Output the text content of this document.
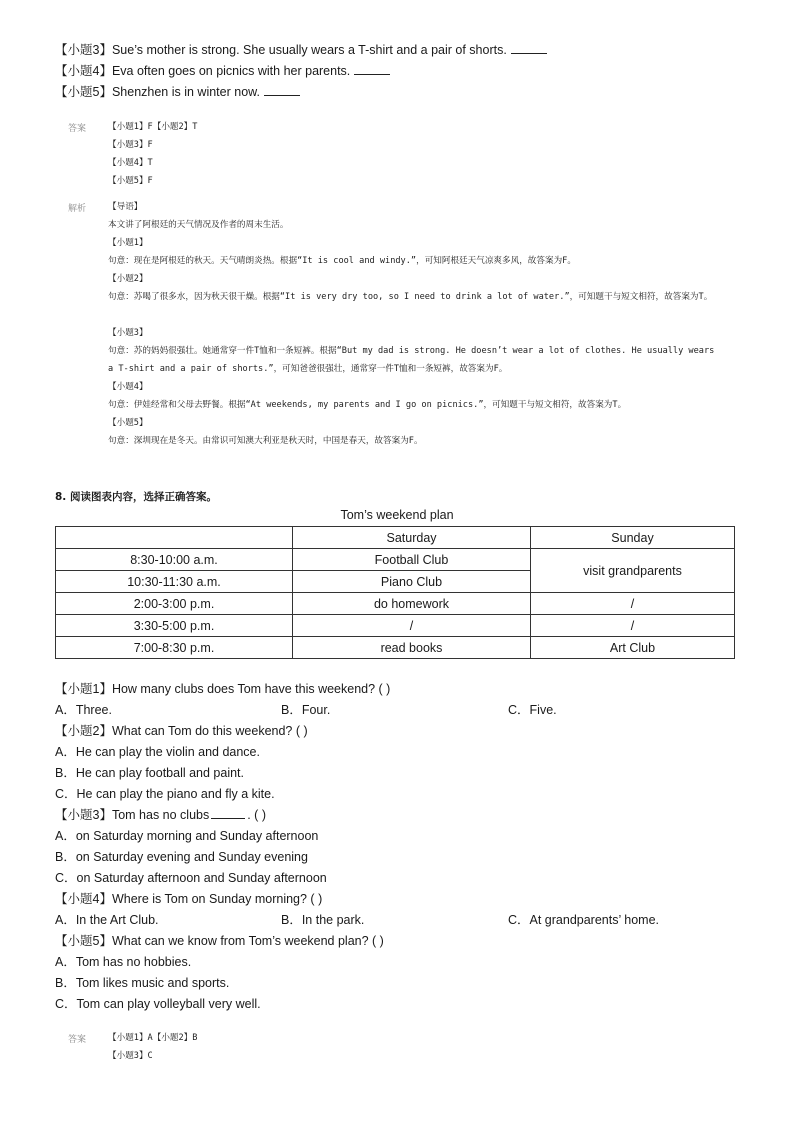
【小题3】Sue’s mother is strong. She usually wears a T-shirt and a pair of shorts.
【小题4】Eva often goes on picnics with her parents.
【小题5】Shenzhen is in winter now.
答案	【小题1】F【小题2】T
【小题3】F
【小题4】T
【小题5】F
解析	【导语】
本文讲了阿根廷的天气情况及作者的周末生活。
【小题1】
句意：现在是阿根廷的秋天。天气晴朗炎热。根据“It is cool and windy.”，可知阿根廷天气凉爽多风，故答案为F。
【小题2】
句意：苏喝了很多水，因为秋天很干燥。根据“It is very dry too, so I need to drink a lot of water.”，可知题干与短文相符，故答案为T。
【小题3】
句意：苏的妈妈很强壮。她通常穿一件T恤和一条短裤。根据“But my dad is strong. He doesn’t wear a lot of clothes. He usually wears a T-shirt and a pair of shorts.”，可知爸爸很强壮，通常穿一件T恤和一条短裤，故答案为F。
【小题4】
句意：伊娃经常和父母去野餐。根据“At weekends, my parents and I go on picnics.”，可知题干与短文相符，故答案为T。
【小题5】
句意：深圳现在是冬天。由常识可知澳大利亚是秋天时，中国是春天，故答案为F。
8. 阅读图表内容，选择正确答案。
Tom’s weekend plan
	Saturday	Sunday
8:30-10:00 a.m.	Football Club	visit grandparents
10:30-11:30 a.m.	Piano Club	
2:00-3:00 p.m.	do homework	/
3:30-5:00 p.m.	/	/
7:00-8:30 p.m.	read books	Art Club
【小题1】How many clubs does Tom have this weekend? ( )
A．Three.	B．Four.	C．Five.
【小题2】What can Tom do this weekend? ( )
A．He can play the violin and dance.
B．He can play football and paint.
C．He can play the piano and fly a kite.
【小题3】Tom has no clubs	. ( )
A．on Saturday morning and Sunday afternoon
B．on Saturday evening and Sunday evening
C．on Saturday afternoon and Sunday afternoon
【小题4】Where is Tom on Sunday morning? ( )
A．In the Art Club.	B．In the park.	C．At grandparents’ home.
【小题5】What can we know from Tom’s weekend plan? ( )
A．Tom has no hobbies.
B．Tom likes music and sports.
C．Tom can play volleyball very well.
答案	【小题1】A【小题2】B
【小题3】C
